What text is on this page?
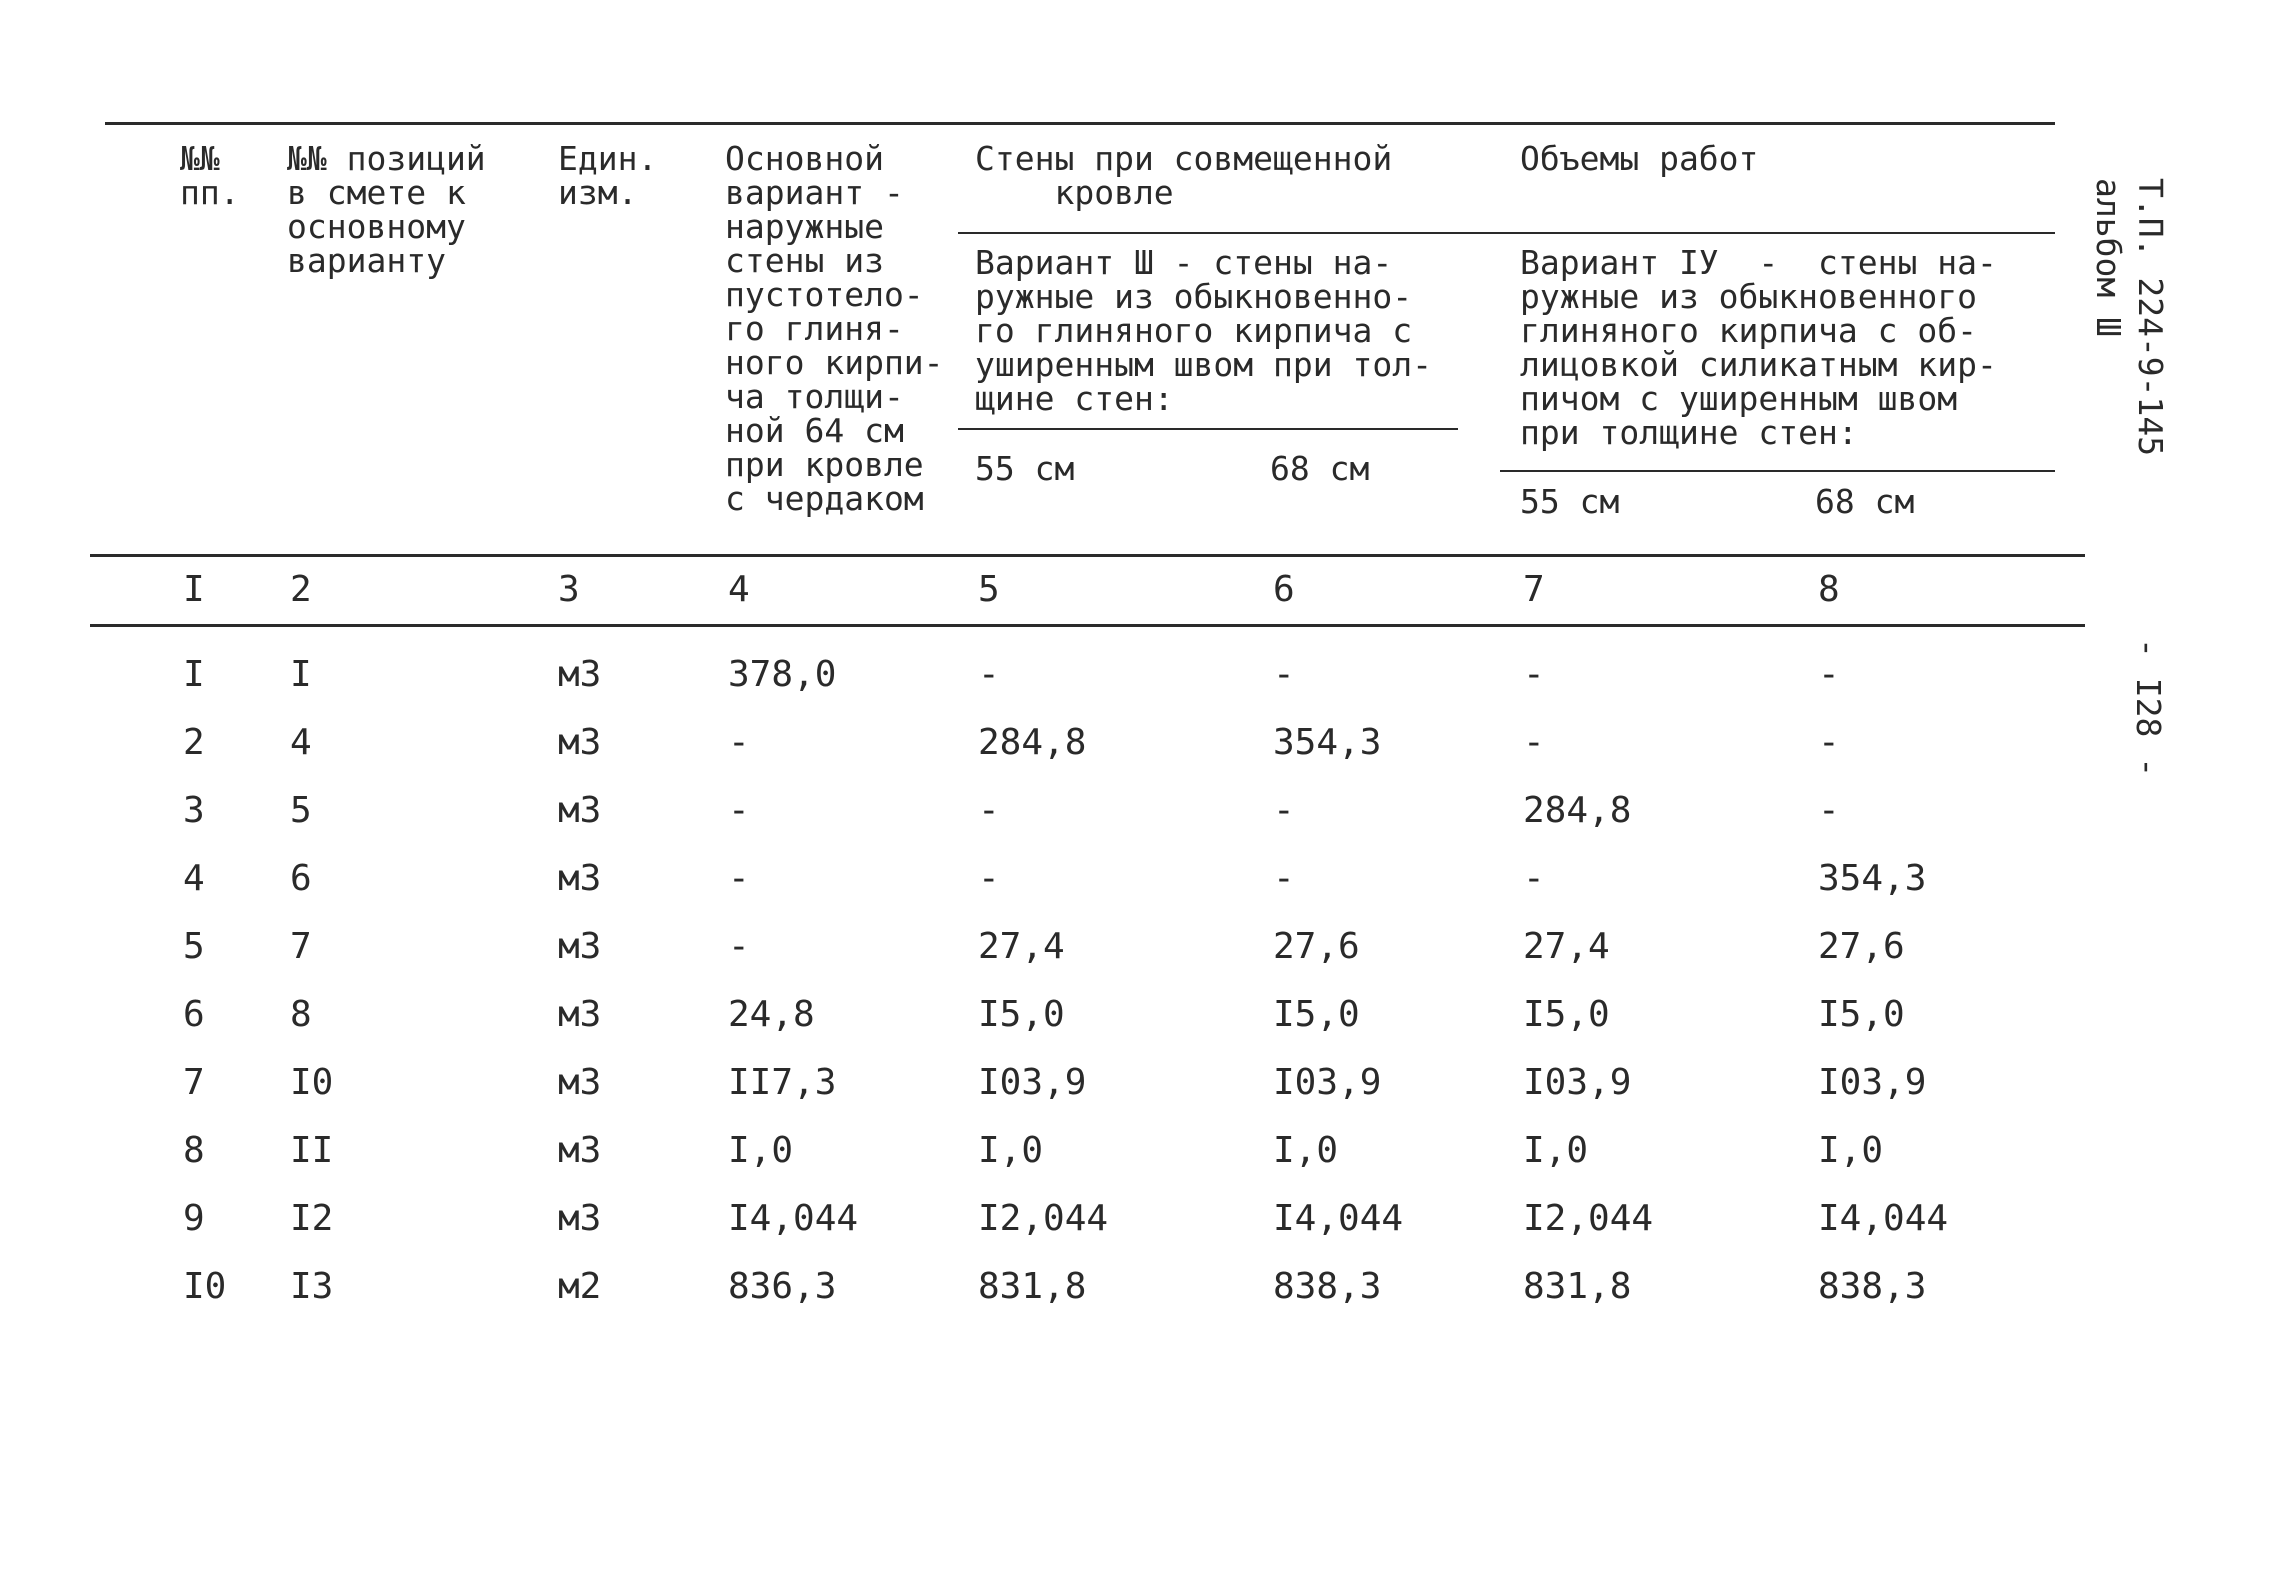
№№
пп.
№№ позиций
в смете к
основному
варианту
Един.
изм.
Основной
вариант -
наружные
стены из
пустотело-
го глиня-
ного кирпи-
ча толщи-
ной 64 см
при кровле
с чердаком
Стены при совмещенной
кровле
Объемы работ
Вариант Ш - стены на-
ружные из обыкновенно-
го глиняного кирпича с
уширенным швом при тол-
щине стен:
Вариант IУ  -  стены на-
ружные из обыкновенного
глиняного кирпича с об-
лицовкой силикатным кир-
пичом с уширенным швом
при толщине стен:
55 см	68 см
55 см	68 см
I 2	3	4	5	6	7	8
I I	м3	378,0	-	-	-	-
2 4	м3	-	284,8	354,3	-	-
3 5	м3	-	-	-	284,8	-
4 6	м3	-	-	-	-	354,3
5 7	м3	-	27,4	27,6	27,4	27,6
6 8	м3	24,8	I5,0	I5,0	I5,0	I5,0
7 I0	м3	II7,3	I03,9	I03,9	I03,9	I03,9
8 II	м3	I,0	I,0	I,0	I,0	I,0
9 I2	м3	I4,044	I2,044	I4,044	I2,044	I4,044
I0 I3	м2	836,3	831,8	838,3	831,8	838,3
Т.П. 224-9-145
альбом Ш
- I28 -
